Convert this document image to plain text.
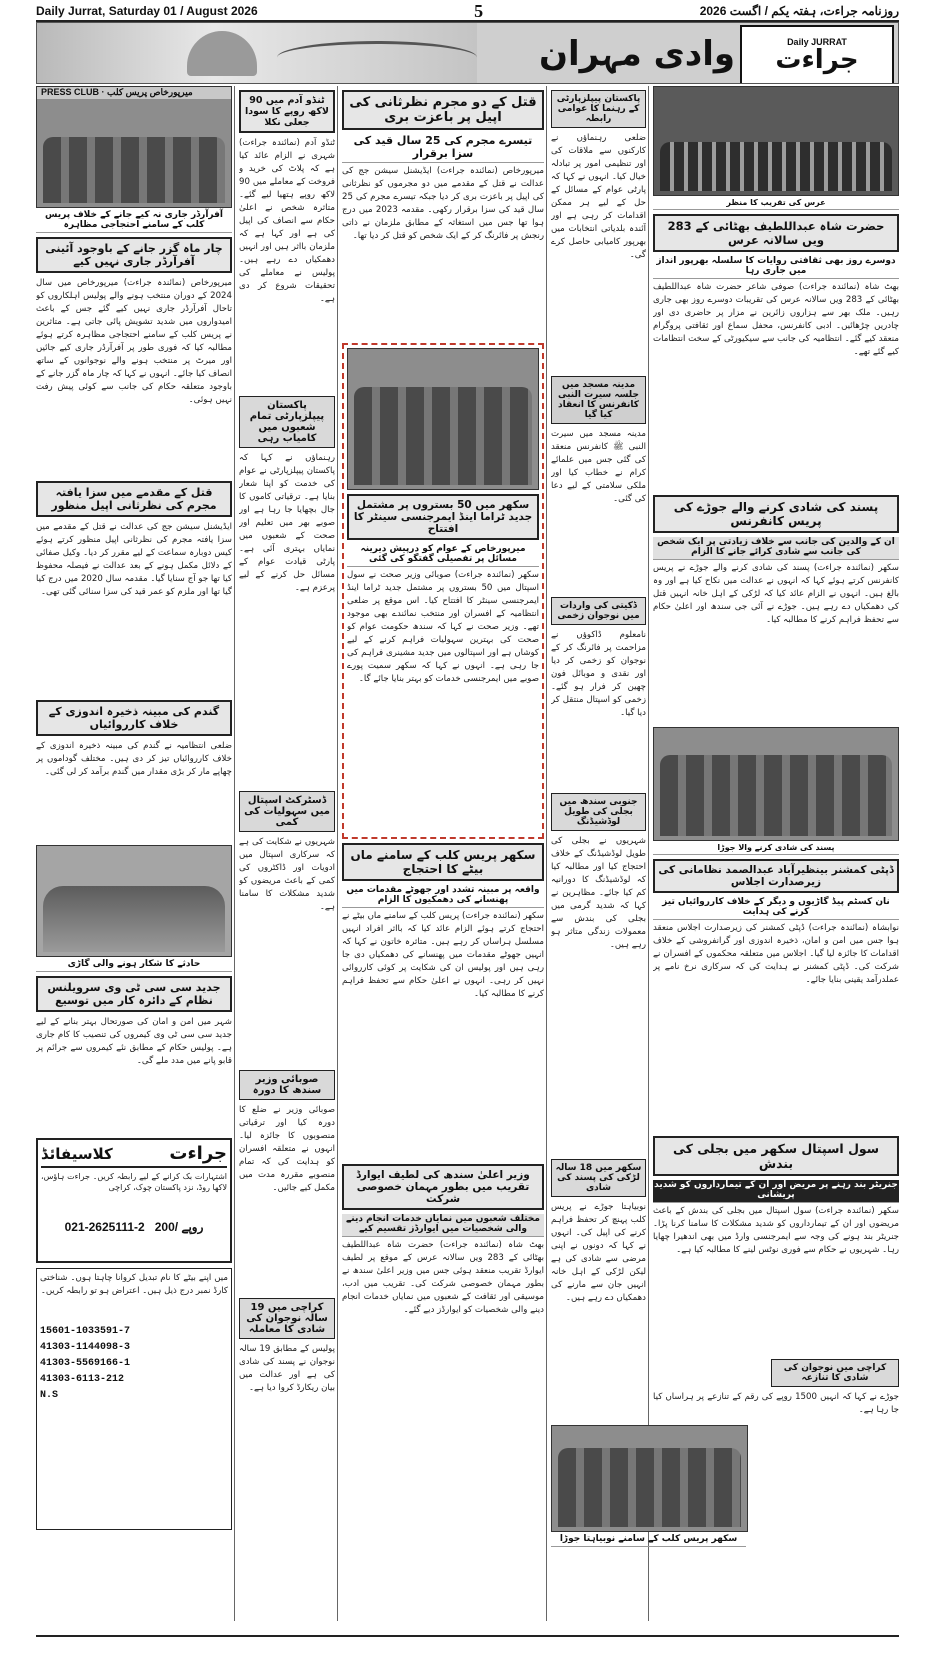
Daily Jurrat, Saturday 01 / August 2026	5	روزنامہ جراءت، ہفتہ یکم / اگست 2026
وادی مہران	Daily JURRAT
جراءت
PRESS CLUB · میرپورخاص پریس کلب
آفرآرڈر جاری نہ کیے جانے کے خلاف پریس کلب کے سامنے احتجاجی مظاہرہ
چار ماہ گزر جانے کے باوجود آئینی آفرآرڈر جاری نہیں کیے
میرپورخاص (نمائندہ جراءت) میرپورخاص میں سال 2024 کے دوران منتخب ہونے والے پولیس اہلکاروں کو تاحال آفرآرڈر جاری نہیں کیے گئے جس کے باعث امیدواروں میں شدید تشویش پائی جاتی ہے۔ متاثرین نے پریس کلب کے سامنے احتجاجی مظاہرہ کرتے ہوئے مطالبہ کیا کہ فوری طور پر آفرآرڈر جاری کیے جائیں اور میرٹ پر منتخب ہونے والے نوجوانوں کے ساتھ انصاف کیا جائے۔ انہوں نے کہا کہ چار ماہ گزر جانے کے باوجود متعلقہ حکام کی جانب سے کوئی پیش رفت نہیں ہوئی۔
قتل کے مقدمے میں سزا یافتہ مجرم کی نظرثانی اپیل منظور
ایڈیشنل سیشن جج کی عدالت نے قتل کے مقدمے میں سزا یافتہ مجرم کی نظرثانی اپیل منظور کرتے ہوئے کیس دوبارہ سماعت کے لیے مقرر کر دیا۔ وکیل صفائی کے دلائل مکمل ہونے کے بعد عدالت نے فیصلہ محفوظ کیا تھا جو آج سنایا گیا۔ مقدمہ سال 2020 میں درج کیا گیا تھا اور ملزم کو عمر قید کی سزا سنائی گئی تھی۔
گندم کی مبینہ ذخیرہ اندوزی کے خلاف کارروائیاں
ضلعی انتظامیہ نے گندم کی مبینہ ذخیرہ اندوزی کے خلاف کارروائیاں تیز کر دی ہیں۔ مختلف گوداموں پر چھاپے مار کر بڑی مقدار میں گندم برآمد کر لی گئی۔
حادثے کا شکار ہونے والی گاڑی
جدید سی سی ٹی وی سرویلنس نظام کے دائرہ کار میں توسیع
شہر میں امن و امان کی صورتحال بہتر بنانے کے لیے جدید سی سی ٹی وی کیمروں کی تنصیب کا کام جاری ہے۔ پولیس حکام کے مطابق نئے کیمروں سے جرائم پر قابو پانے میں مدد ملے گی۔
جراءت
کلاسیفائڈ
اشتہارات بک کرانے کے لیے رابطہ کریں۔ جراءت ہاؤس، لاکھا روڈ، نزد پاکستان چوک، کراچی
021-2625111-2 روپے /200
میں اپنے بیٹے کا نام تبدیل کروانا چاہتا ہوں۔ شناختی کارڈ نمبر درج ذیل ہیں۔ اعتراض ہو تو رابطہ کریں۔
15601-1033591-7
41303-1144098-3
41303-5569166-1
41303-6113-212
N.S
ٹنڈو آدم میں 90 لاکھ روپے کا سودا جعلی نکلا
ٹنڈو آدم (نمائندہ جراءت) شہری نے الزام عائد کیا ہے کہ پلاٹ کی خرید و فروخت کے معاملے میں 90 لاکھ روپے ہتھیا لیے گئے۔ متاثرہ شخص نے اعلیٰ حکام سے انصاف کی اپیل کی ہے اور کہا ہے کہ ملزمان بااثر ہیں اور انہیں دھمکیاں دے رہے ہیں۔ پولیس نے معاملے کی تحقیقات شروع کر دی ہے۔
پاکستان پیپلزپارٹی تمام شعبوں میں کامیاب رہی
رہنماؤں نے کہا کہ پاکستان پیپلزپارٹی نے عوام کی خدمت کو اپنا شعار بنایا ہے۔ ترقیاتی کاموں کا جال بچھایا جا رہا ہے اور صوبے بھر میں تعلیم اور صحت کے شعبوں میں نمایاں بہتری آئی ہے۔ پارٹی قیادت عوام کے مسائل حل کرنے کے لیے پرعزم ہے۔
ڈسٹرکٹ اسپتال میں سہولیات کی کمی
شہریوں نے شکایت کی ہے کہ سرکاری اسپتال میں ادویات اور ڈاکٹروں کی کمی کے باعث مریضوں کو شدید مشکلات کا سامنا ہے۔
صوبائی وزیر سندھ کا دورہ
صوبائی وزیر نے ضلع کا دورہ کیا اور ترقیاتی منصوبوں کا جائزہ لیا۔ انہوں نے متعلقہ افسران کو ہدایت کی کہ تمام منصوبے مقررہ مدت میں مکمل کیے جائیں۔
کراچی میں 19 سالہ نوجوان کی شادی کا معاملہ
پولیس کے مطابق 19 سالہ نوجوان نے پسند کی شادی کی ہے اور عدالت میں بیان ریکارڈ کروا دیا ہے۔
قتل کے دو مجرم نظرثانی کی اپیل پر باعزت بری
تیسرے مجرم کی 25 سال قید کی سزا برقرار
میرپورخاص (نمائندہ جراءت) ایڈیشنل سیشن جج کی عدالت نے قتل کے مقدمے میں دو مجرموں کو نظرثانی کی اپیل پر باعزت بری کر دیا جبکہ تیسرے مجرم کی 25 سال قید کی سزا برقرار رکھی۔ مقدمہ 2023 میں درج ہوا تھا جس میں استغاثہ کے مطابق ملزمان نے ذاتی رنجش پر فائرنگ کر کے ایک شخص کو قتل کر دیا تھا۔
سکھر میں 50 بستروں پر مشتمل جدید ٹراما اینڈ ایمرجنسی سینٹر کا افتتاح
میرپورخاص کے عوام کو درپیش دیرینہ مسائل پر تفصیلی گفتگو کی گئی
سکھر (نمائندہ جراءت) صوبائی وزیر صحت نے سول اسپتال میں 50 بستروں پر مشتمل جدید ٹراما اینڈ ایمرجنسی سینٹر کا افتتاح کیا۔ اس موقع پر ضلعی انتظامیہ کے افسران اور منتخب نمائندے بھی موجود تھے۔ وزیر صحت نے کہا کہ سندھ حکومت عوام کو صحت کی بہترین سہولیات فراہم کرنے کے لیے کوشاں ہے اور اسپتالوں میں جدید مشینری فراہم کی جا رہی ہے۔ انہوں نے کہا کہ سکھر سمیت پورے صوبے میں ایمرجنسی خدمات کو بہتر بنایا جائے گا۔
سکھر پریس کلب کے سامنے ماں بیٹے کا احتجاج
واقعہ پر مبینہ تشدد اور جھوٹے مقدمات میں پھنسانے کی دھمکیوں کا الزام
سکھر (نمائندہ جراءت) پریس کلب کے سامنے ماں بیٹے نے احتجاج کرتے ہوئے الزام عائد کیا کہ بااثر افراد انہیں مسلسل ہراساں کر رہے ہیں۔ متاثرہ خاتون نے کہا کہ انہیں جھوٹے مقدمات میں پھنسانے کی دھمکیاں دی جا رہی ہیں اور پولیس ان کی شکایت پر کوئی کارروائی نہیں کر رہی۔ انہوں نے اعلیٰ حکام سے تحفظ فراہم کرنے کا مطالبہ کیا۔
وزیر اعلیٰ سندھ کی لطیف ایوارڈ تقریب میں بطور مہمان خصوصی شرکت
مختلف شعبوں میں نمایاں خدمات انجام دینے والی شخصیات میں ایوارڈز تقسیم کیے
بھٹ شاہ (نمائندہ جراءت) حضرت شاہ عبداللطیف بھٹائی کے 283 ویں سالانہ عرس کے موقع پر لطیف ایوارڈ تقریب منعقد ہوئی جس میں وزیر اعلیٰ سندھ نے بطور مہمان خصوصی شرکت کی۔ تقریب میں ادب، موسیقی اور ثقافت کے شعبوں میں نمایاں خدمات انجام دینے والی شخصیات کو ایوارڈز دیے گئے۔
پاکستان پیپلزپارٹی کے رہنما کا عوامی رابطہ
ضلعی رہنماؤں نے کارکنوں سے ملاقات کی اور تنظیمی امور پر تبادلہ خیال کیا۔ انہوں نے کہا کہ پارٹی عوام کے مسائل کے حل کے لیے ہر ممکن اقدامات کر رہی ہے اور آئندہ بلدیاتی انتخابات میں بھرپور کامیابی حاصل کرے گی۔
مدینہ مسجد میں جلسہ سیرت النبی کانفرنس کا انعقاد کیا گیا
مدینہ مسجد میں سیرت النبی ﷺ کانفرنس منعقد کی گئی جس میں علمائے کرام نے خطاب کیا اور ملکی سلامتی کے لیے دعا کی گئی۔
ڈکیتی کی واردات میں نوجوان زخمی
نامعلوم ڈاکوؤں نے مزاحمت پر فائرنگ کر کے نوجوان کو زخمی کر دیا اور نقدی و موبائل فون چھین کر فرار ہو گئے۔ زخمی کو اسپتال منتقل کر دیا گیا۔
جنوبی سندھ میں بجلی کی طویل لوڈشیڈنگ
شہریوں نے بجلی کی طویل لوڈشیڈنگ کے خلاف احتجاج کیا اور مطالبہ کیا کہ لوڈشیڈنگ کا دورانیہ کم کیا جائے۔ مظاہرین نے کہا کہ شدید گرمی میں بجلی کی بندش سے معمولات زندگی متاثر ہو رہے ہیں۔
سکھر میں 18 سالہ لڑکی کی پسند کی شادی
نوبیاہتا جوڑے نے پریس کلب پہنچ کر تحفظ فراہم کرنے کی اپیل کی۔ انہوں نے کہا کہ دونوں نے اپنی مرضی سے شادی کی ہے لیکن لڑکی کے اہل خانہ انہیں جان سے مارنے کی دھمکیاں دے رہے ہیں۔
سکھر پریس کلب کے سامنے نوبیاہتا جوڑا
عرس کی تقریب کا منظر
حضرت شاہ عبداللطیف بھٹائی کے 283 ویں سالانہ عرس
دوسرے روز بھی ثقافتی روایات کا سلسلہ بھرپور انداز میں جاری رہا
بھٹ شاہ (نمائندہ جراءت) صوفی شاعر حضرت شاہ عبداللطیف بھٹائی کے 283 ویں سالانہ عرس کی تقریبات دوسرے روز بھی جاری رہیں۔ ملک بھر سے ہزاروں زائرین نے مزار پر حاضری دی اور چادریں چڑھائیں۔ ادبی کانفرنس، محفل سماع اور ثقافتی پروگرام منعقد کیے گئے۔ انتظامیہ کی جانب سے سیکیورٹی کے سخت انتظامات کیے گئے تھے۔
پسند کی شادی کرنے والے جوڑے کی پریس کانفرنس
ان کے والدین کی جانب سے خلاف زیادتی پر ایک شخص کی جانب سے شادی کرائے جانے کا الزام
سکھر (نمائندہ جراءت) پسند کی شادی کرنے والے جوڑے نے پریس کانفرنس کرتے ہوئے کہا کہ انہوں نے عدالت میں نکاح کیا ہے اور وہ بالغ ہیں۔ انہوں نے الزام عائد کیا کہ لڑکی کے اہل خانہ انہیں قتل کی دھمکیاں دے رہے ہیں۔ جوڑے نے آئی جی سندھ اور اعلیٰ حکام سے تحفظ فراہم کرنے کا مطالبہ کیا۔
پسند کی شادی کرنے والا جوڑا
ڈپٹی کمشنر بینظیرآباد عبدالصمد نظامانی کی زیرصدارت اجلاس
نان کسٹم پیڈ گاڑیوں و دیگر کے خلاف کارروائیاں تیز کرنے کی ہدایت
نوابشاہ (نمائندہ جراءت) ڈپٹی کمشنر کی زیرصدارت اجلاس منعقد ہوا جس میں امن و امان، ذخیرہ اندوزی اور گرانفروشی کے خلاف اقدامات کا جائزہ لیا گیا۔ اجلاس میں متعلقہ محکموں کے افسران نے شرکت کی۔ ڈپٹی کمشنر نے ہدایت کی کہ سرکاری نرخ نامے پر عملدرآمد یقینی بنایا جائے۔
سول اسپتال سکھر میں بجلی کی بندش
جنریٹر بند رہنے پر مریض اور ان کے تیمارداروں کو شدید پریشانی
سکھر (نمائندہ جراءت) سول اسپتال میں بجلی کی بندش کے باعث مریضوں اور ان کے تیمارداروں کو شدید مشکلات کا سامنا کرنا پڑا۔ جنریٹر بند ہونے کی وجہ سے ایمرجنسی وارڈ میں بھی اندھیرا چھایا رہا۔ شہریوں نے حکام سے فوری نوٹس لینے کا مطالبہ کیا ہے۔
کراچی میں نوجوان کی شادی کا تنازعہ
جوڑے نے کہا کہ انہیں 1500 روپے کی رقم کے تنازعے پر ہراساں کیا جا رہا ہے۔
